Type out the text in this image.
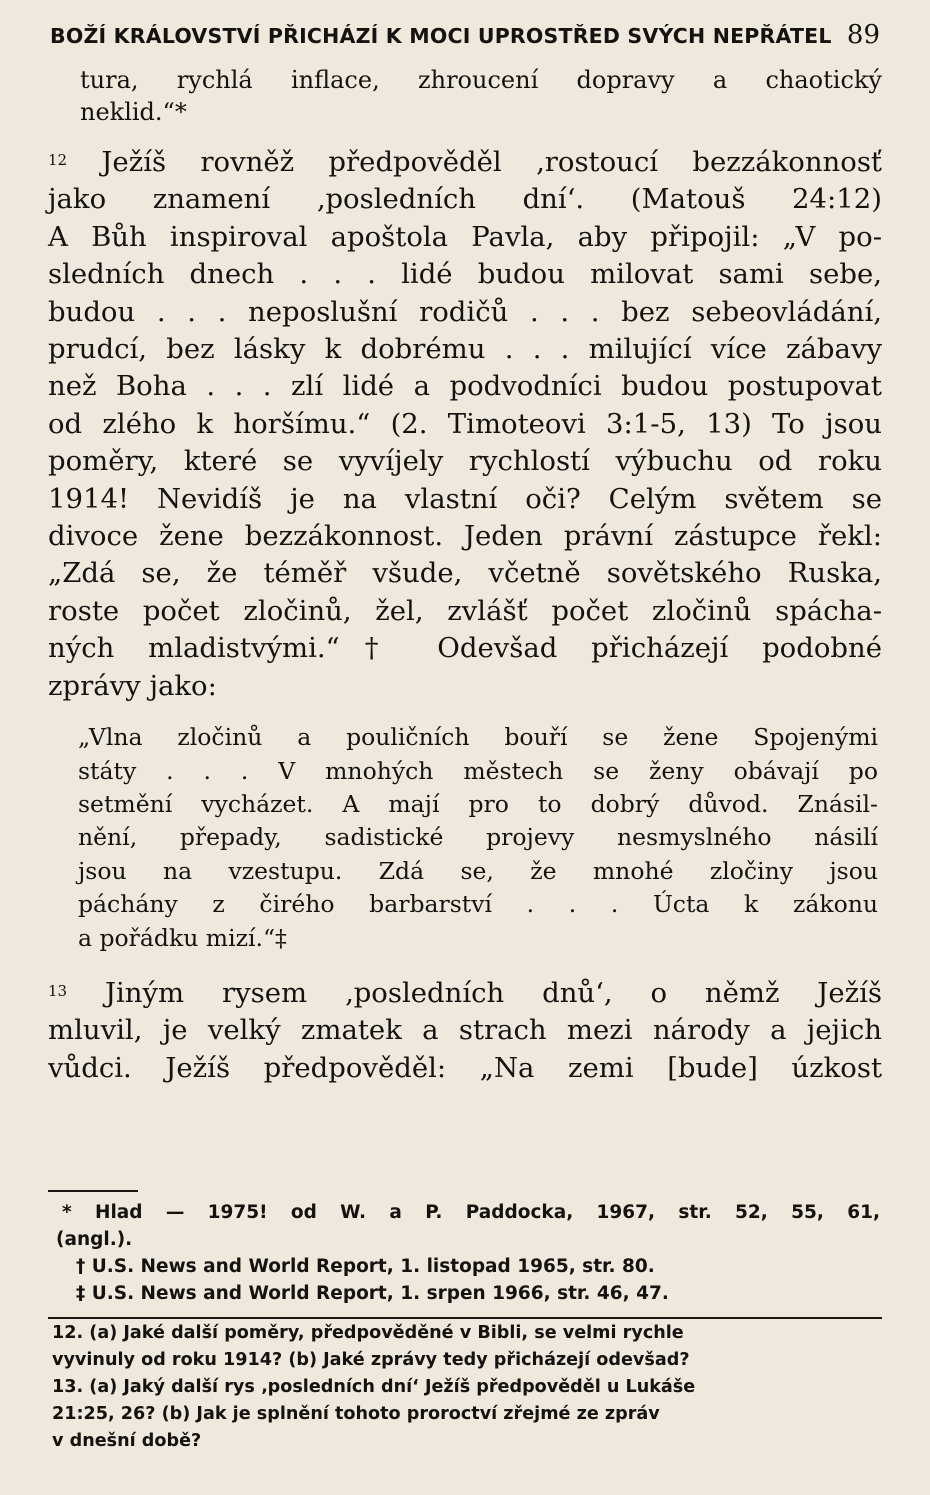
BOŽÍ KRÁLOVSTVÍ PŘICHÁZÍ K MOCI UPROSTŘED SVÝCH NEPŘÁTEL 89
tura, rychlá inflace, zhroucení dopravy a chaotický
neklid.“*
$^{12}$ Ježíš rovněž předpověděl ‚rostoucí bezzákonnosť
jako znamení ‚posledních dní‘. (Matouš 24:12)
A Bůh inspiroval apoštola Pavla, aby připojil: „V po-
sledních dnech . . . lidé budou milovat sami sebe,
budou . . . neposlušní rodičů . . . bez sebeovládání,
prudcí, bez lásky k dobrému . . . milující více zábavy
než Boha . . . zlí lidé a podvodníci budou postupovat
od zlého k horšímu.“ (2. Timoteovi 3:1-5, 13) To jsou
poměry, které se vyvíjely rychlostí výbuchu od roku
1914! Nevidíš je na vlastní oči? Celým světem se
divoce žene bezzákonnost. Jeden právní zástupce řekl:
„Zdá se, že téměř všude, včetně sovětského Ruska,
roste počet zločinů, žel, zvlášť počet zločinů spácha-
ných mladistvými.“† Odevšad přicházejí podobné
zprávy jako:
„Vlna zločinů a pouličních bouří se žene Spojenými
státy . . . V mnohých městech se ženy obávají po
setmění vycházet. A mají pro to dobrý důvod. Znásil-
nění, přepady, sadistické projevy nesmyslného násilí
jsou na vzestupu. Zdá se, že mnohé zločiny jsou
páchány z čirého barbarství . . . Úcta k zákonu
a pořádku mizí.“‡
$^{13}$ Jiným rysem ‚posledních dnů‘, o němž Ježíš
mluvil, je velký zmatek a strach mezi národy a jejich
vůdci. Ježíš předpověděl: „Na zemi [bude] úzkost
* Hlad — 1975! od W. a P. Paddocka, 1967, str. 52, 55, 61,
(angl.).
† U.S. News and World Report, 1. listopad 1965, str. 80.
‡ U.S. News and World Report, 1. srpen 1966, str. 46, 47.
12. (a) Jaké další poměry, předpověděné v Bibli, se velmi rychle
vyvinuly od roku 1914? (b) Jaké zprávy tedy přicházejí odevšad?
13. (a) Jaký další rys ‚posledních dní‘ Ježíš předpověděl u Lukáše
21:25, 26? (b) Jak je splnění tohoto proroctví zřejmé ze zpráv
v dnešní době?
